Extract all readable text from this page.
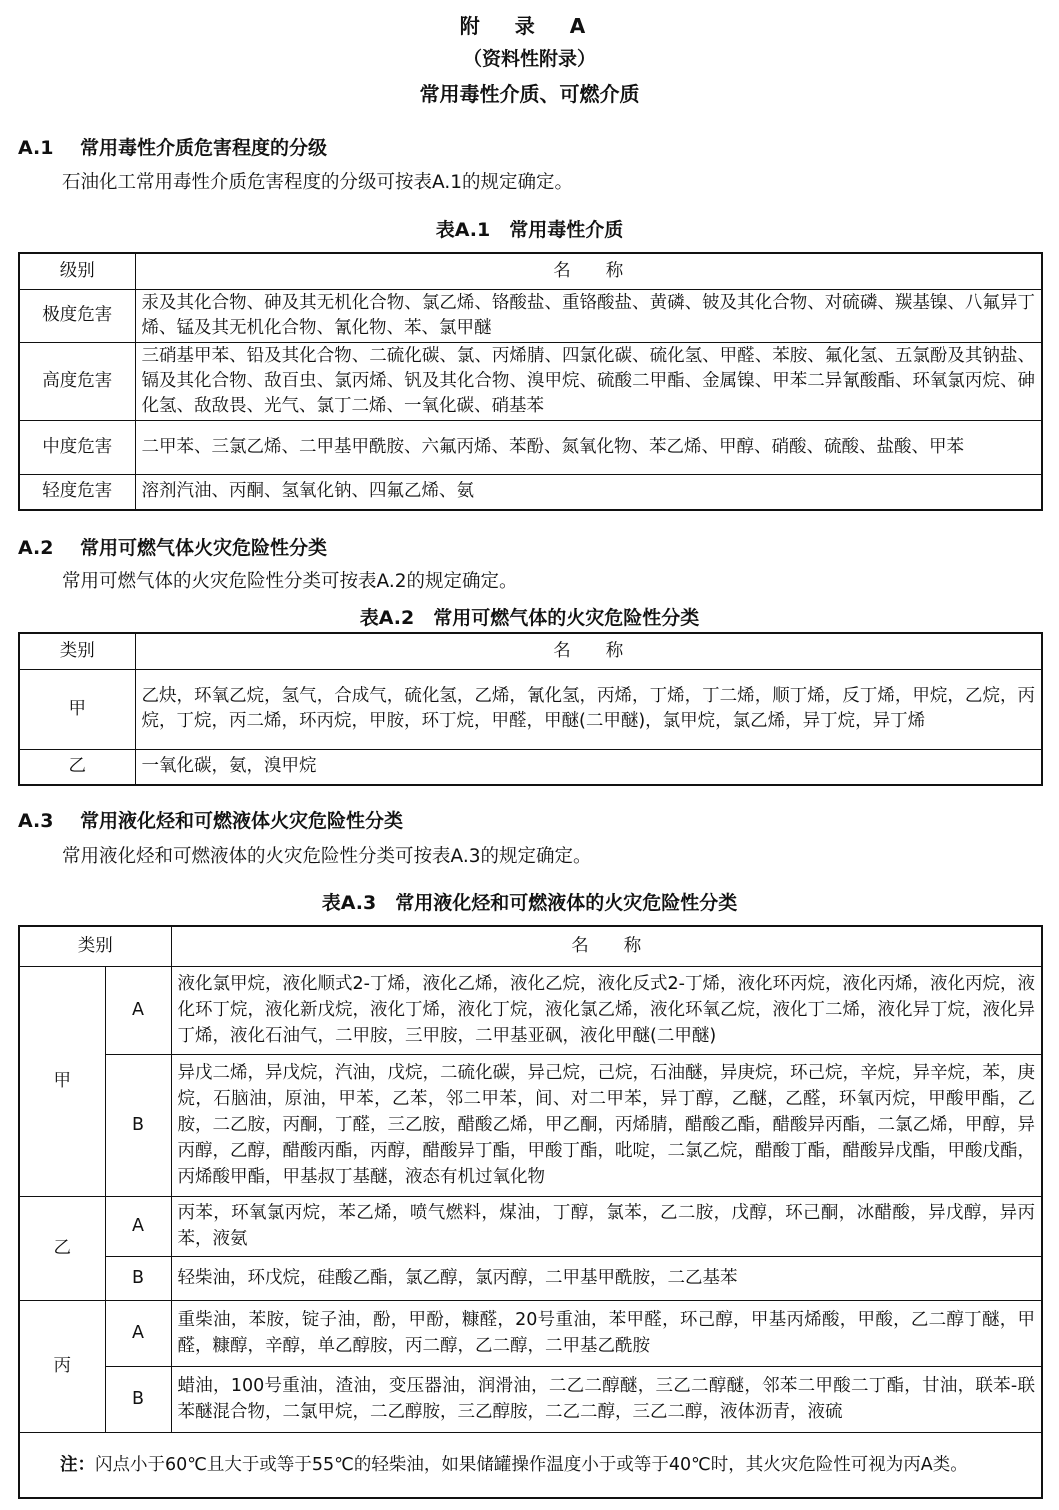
附 录 A
（资料性附录）
常用毒性介质、可燃介质
A.1 常用毒性介质危害程度的分级
石油化工常用毒性介质危害程度的分级可按表A.1的规定确定。
表A.1　常用毒性介质
级别	名　　称
极度危害	汞及其化合物、砷及其无机化合物、氯乙烯、铬酸盐、重铬酸盐、黄磷、铍及其化合物、对硫磷、羰基镍、八氟异丁烯、锰及其无机化合物、氰化物、苯、氯甲醚
高度危害	三硝基甲苯、铅及其化合物、二硫化碳、氯、丙烯腈、四氯化碳、硫化氢、甲醛、苯胺、氟化氢、五氯酚及其钠盐、镉及其化合物、敌百虫、氯丙烯、钒及其化合物、溴甲烷、硫酸二甲酯、金属镍、甲苯二异氰酸酯、环氧氯丙烷、砷化氢、敌敌畏、光气、氯丁二烯、一氧化碳、硝基苯
中度危害	二甲苯、三氯乙烯、二甲基甲酰胺、六氟丙烯、苯酚、氮氧化物、苯乙烯、甲醇、硝酸、硫酸、盐酸、甲苯
轻度危害	溶剂汽油、丙酮、氢氧化钠、四氟乙烯、氨
A.2 常用可燃气体火灾危险性分类
常用可燃气体的火灾危险性分类可按表A.2的规定确定。
表A.2　常用可燃气体的火灾危险性分类
类别	名　　称
甲	乙炔，环氧乙烷，氢气，合成气，硫化氢，乙烯，氰化氢，丙烯，丁烯，丁二烯，顺丁烯，反丁烯，甲烷，乙烷，丙烷，丁烷，丙二烯，环丙烷，甲胺，环丁烷，甲醛，甲醚(二甲醚)，氯甲烷，氯乙烯，异丁烷，异丁烯
乙	一氧化碳，氨，溴甲烷
A.3 常用液化烃和可燃液体火灾危险性分类
常用液化烃和可燃液体的火灾危险性分类可按表A.3的规定确定。
表A.3　常用液化烃和可燃液体的火灾危险性分类
类别		名　　称
甲	A	液化氯甲烷，液化顺式2-丁烯，液化乙烯，液化乙烷，液化反式2-丁烯，液化环丙烷，液化丙烯，液化丙烷，液化环丁烷，液化新戊烷，液化丁烯，液化丁烷，液化氯乙烯，液化环氧乙烷，液化丁二烯，液化异丁烷，液化异丁烯，液化石油气，二甲胺，三甲胺，二甲基亚砜，液化甲醚(二甲醚)
	B	异戊二烯，异戊烷，汽油，戊烷，二硫化碳，异己烷，己烷，石油醚，异庚烷，环己烷，辛烷，异辛烷，苯，庚烷，石脑油，原油，甲苯，乙苯，邻二甲苯，间、对二甲苯，异丁醇，乙醚，乙醛，环氧丙烷，甲酸甲酯，乙胺，二乙胺，丙酮，丁醛，三乙胺，醋酸乙烯，甲乙酮，丙烯腈，醋酸乙酯，醋酸异丙酯，二氯乙烯，甲醇，异丙醇，乙醇，醋酸丙酯，丙醇，醋酸异丁酯，甲酸丁酯，吡啶，二氯乙烷，醋酸丁酯，醋酸异戊酯，甲酸戊酯，丙烯酸甲酯，甲基叔丁基醚，液态有机过氧化物
乙	A	丙苯，环氧氯丙烷，苯乙烯，喷气燃料，煤油，丁醇，氯苯，乙二胺，戊醇，环己酮，冰醋酸，异戊醇，异丙苯，液氨
	B	轻柴油，环戊烷，硅酸乙酯，氯乙醇，氯丙醇，二甲基甲酰胺，二乙基苯
丙	A	重柴油，苯胺，锭子油，酚，甲酚，糠醛，20号重油，苯甲醛，环己醇，甲基丙烯酸，甲酸，乙二醇丁醚，甲醛，糠醇，辛醇，单乙醇胺，丙二醇，乙二醇，二甲基乙酰胺
	B	蜡油，100号重油，渣油，变压器油，润滑油，二乙二醇醚，三乙二醇醚，邻苯二甲酸二丁酯，甘油，联苯-联苯醚混合物，二氯甲烷，二乙醇胺，三乙醇胺，二乙二醇，三乙二醇，液体沥青，液硫
注：闪点小于60℃且大于或等于55℃的轻柴油，如果储罐操作温度小于或等于40℃时，其火灾危险性可视为丙A类。		
